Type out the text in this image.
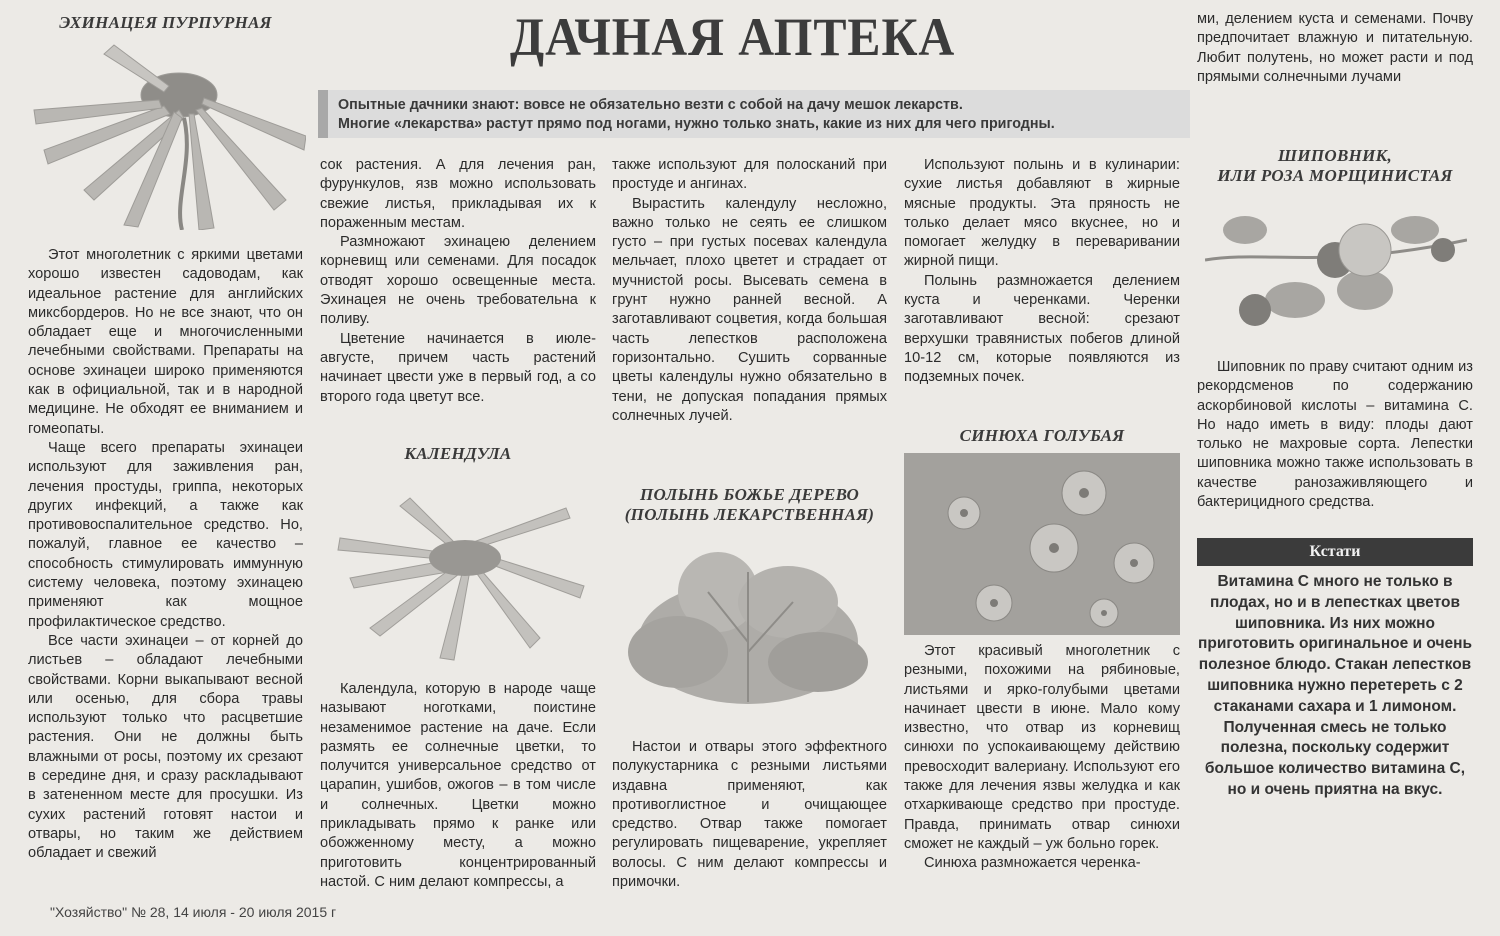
ДАЧНАЯ АПТЕКА
Опытные дачники знают: вовсе не обязательно везти с собой на дачу мешок лекарств.
Многие «лекарства» растут прямо под ногами, нужно только знать, какие из них для чего пригодны.
ЭХИНАЦЕЯ ПУРПУРНАЯ

Этот многолетник с яркими цветами хорошо известен садоводам, как идеальное растение для английских миксбордеров. Но не все знают, что он обладает еще и многочисленными лечебными свойствами. Препараты на основе эхинацеи широко применяются как в официальной, так и в народной медицине. Не обходят ее вниманием и гомеопаты.

Чаще всего препараты эхинацеи используют для заживления ран, лечения простуды, гриппа, некоторых других инфекций, а также как противовоспалительное средство. Но, пожалуй, главное ее качество – способность стимулировать иммунную систему человека, поэтому эхинацею применяют как мощное профилактическое средство.

Все части эхинацеи – от корней до листьев – обладают лечебными свойствами. Корни выкапывают весной или осенью, для сбора травы используют только что расцветшие растения. Они не должны быть влажными от росы, поэтому их срезают в середине дня, и сразу раскладывают в затененном месте для просушки. Из сухих растений готовят настои и отвары, но таким же действием обладает и свежий

сок растения. А для лечения ран, фурункулов, язв можно использовать свежие листья, прикладывая их к пораженным местам.

Размножают эхинацею делением корневищ или семенами. Для посадок отводят хорошо освещенные места. Эхинацея не очень требовательна к поливу.

Цветение начинается в июле-августе, причем часть растений начинает цвести уже в первый год, а со второго года цветут все.

КАЛЕНДУЛА

Календула, которую в народе чаще называют ноготками, поистине незаменимое растение на даче. Если размять ее солнечные цветки, то получится универсальное средство от царапин, ушибов, ожогов – в том числе и солнечных. Цветки можно прикладывать прямо к ранке или обожженному месту, а можно приготовить концентрированный настой. С ним делают компрессы, а

также используют для полосканий при простуде и ангинах.

Вырастить календулу несложно, важно только не сеять ее слишком густо – при густых посевах календула мельчает, плохо цветет и страдает от мучнистой росы. Высевать семена в грунт нужно ранней весной. А заготавливают соцветия, когда большая часть лепестков расположена горизонтально. Сушить сорванные цветы календулы нужно обязательно в тени, не допуская попадания прямых солнечных лучей.

ПОЛЫНЬ БОЖЬЕ ДЕРЕВО
(ПОЛЫНЬ ЛЕКАРСТВЕННАЯ)

Настои и отвары этого эффектного полукустарника с резными листьями издавна применяют, как противоглистное и очищающее средство. Отвар также помогает регулировать пищеварение, укрепляет волосы. С ним делают компрессы и примочки.

Используют полынь и в кулинарии: сухие листья добавляют в жирные мясные продукты. Эта пряность не только делает мясо вкуснее, но и помогает желудку в переваривании жирной пищи.

Полынь размножается делением куста и черенками. Черенки заготавливают весной: срезают верхушки травянистых побегов длиной 10-12 см, которые появляются из подземных почек.

СИНЮХА ГОЛУБАЯ

Этот красивый многолетник с резными, похожими на рябиновые, листьями и ярко-голубыми цветами начинает цвести в июне. Мало кому известно, что отвар из корневищ синюхи по успокаивающему действию превосходит валериану. Используют его также для лечения язвы желудка и как отхаркивающе средство при простуде. Правда, принимать отвар синюхи сможет не каждый – уж больно горек.

Синюха размножается черенка-

ми, делением куста и семенами. Почву предпочитает влажную и питательную. Любит полутень, но может расти и под прямыми солнечными лучами

ШИПОВНИК,
ИЛИ РОЗА МОРЩИНИСТАЯ

Шиповник по праву считают одним из рекордсменов по содержанию аскорбиновой кислоты – витамина С. Но надо иметь в виду: плоды дают только не махровые сорта. Лепестки шиповника можно также использовать в качестве ранозаживляющего и бактерицидного средства.

Кстати
Витамина С много не только в плодах, но и в лепестках цветов шиповника. Из них можно приготовить оригинальное и очень полезное блюдо. Стакан лепестков шиповника нужно перетереть с 2 стаканами сахара и 1 лимоном. Полученная смесь не только полезна, поскольку содержит большое количество витамина С, но и очень приятна на вкус.
"Хозяйство" № 28, 14 июля - 20 июля 2015 г
